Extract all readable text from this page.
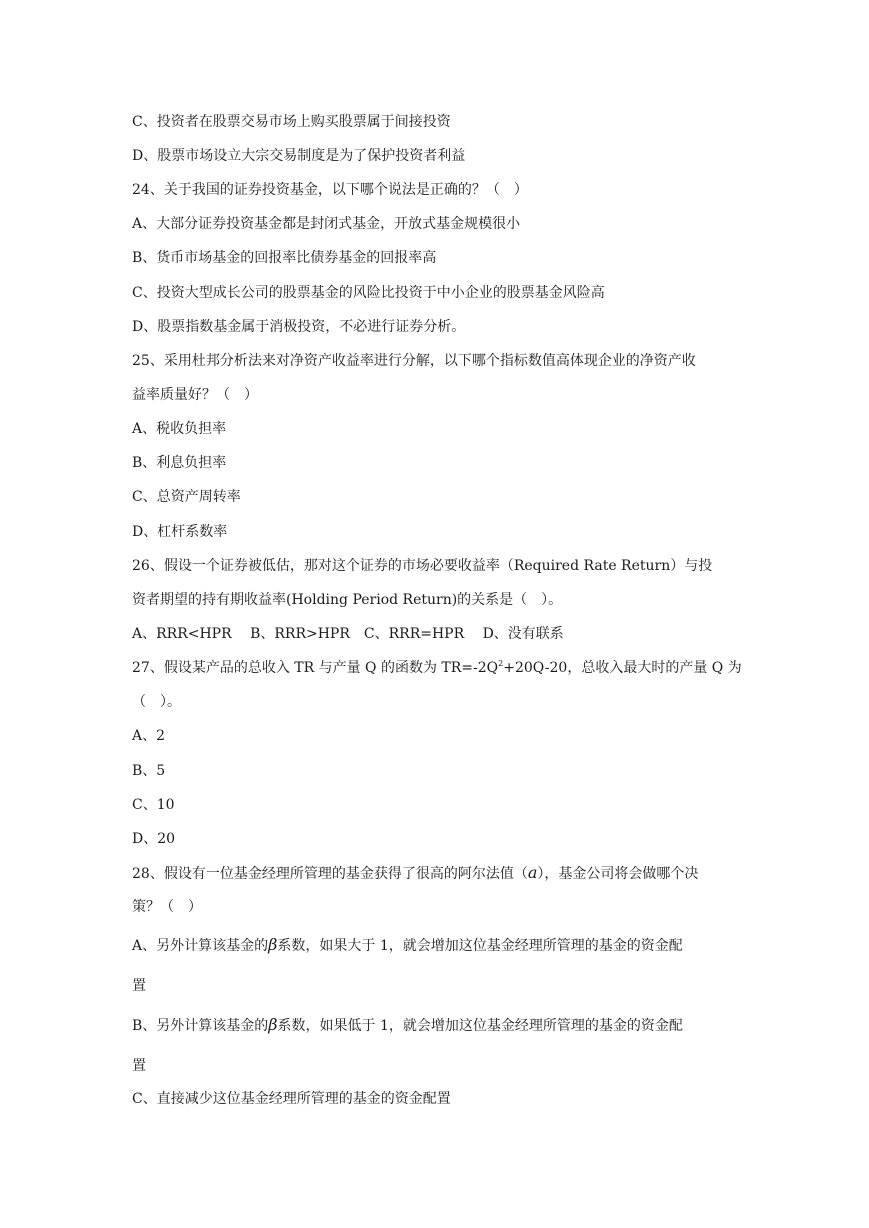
C、投资者在股票交易市场上购买股票属于间接投资
D、股票市场设立大宗交易制度是为了保护投资者利益
24、关于我国的证券投资基金，以下哪个说法是正确的？（　）
A、大部分证券投资基金都是封闭式基金，开放式基金规模很小
B、货币市场基金的回报率比债券基金的回报率高
C、投资大型成长公司的股票基金的风险比投资于中小企业的股票基金风险高
D、股票指数基金属于消极投资，不必进行证券分析。
25、采用杜邦分析法来对净资产收益率进行分解，以下哪个指标数值高体现企业的净资产收
益率质量好？（　）
A、税收负担率
B、利息负担率
C、总资产周转率
D、杠杆系数率
26、假设一个证券被低估，那对这个证券的市场必要收益率（Required Rate Return）与投
资者期望的持有期收益率(Holding Period Return)的关系是（　）。
A、RRR<HPR　 B、RRR>HPR　C、RRR=HPR　 D、没有联系
27、假设某产品的总收入 TR 与产量 Q 的函数为 $TR=-2Q^2+20Q-20$，总收入最大时的产量 Q 为
（　）。
A、2
B、5
C、10
D、20
28、假设有一位基金经理所管理的基金获得了很高的阿尔法值（a），基金公司将会做哪个决
策？（　）
A、另外计算该基金的β系数，如果大于 1，就会增加这位基金经理所管理的基金的资金配
置
B、另外计算该基金的β系数，如果低于 1，就会增加这位基金经理所管理的基金的资金配
置
C、直接减少这位基金经理所管理的基金的资金配置
